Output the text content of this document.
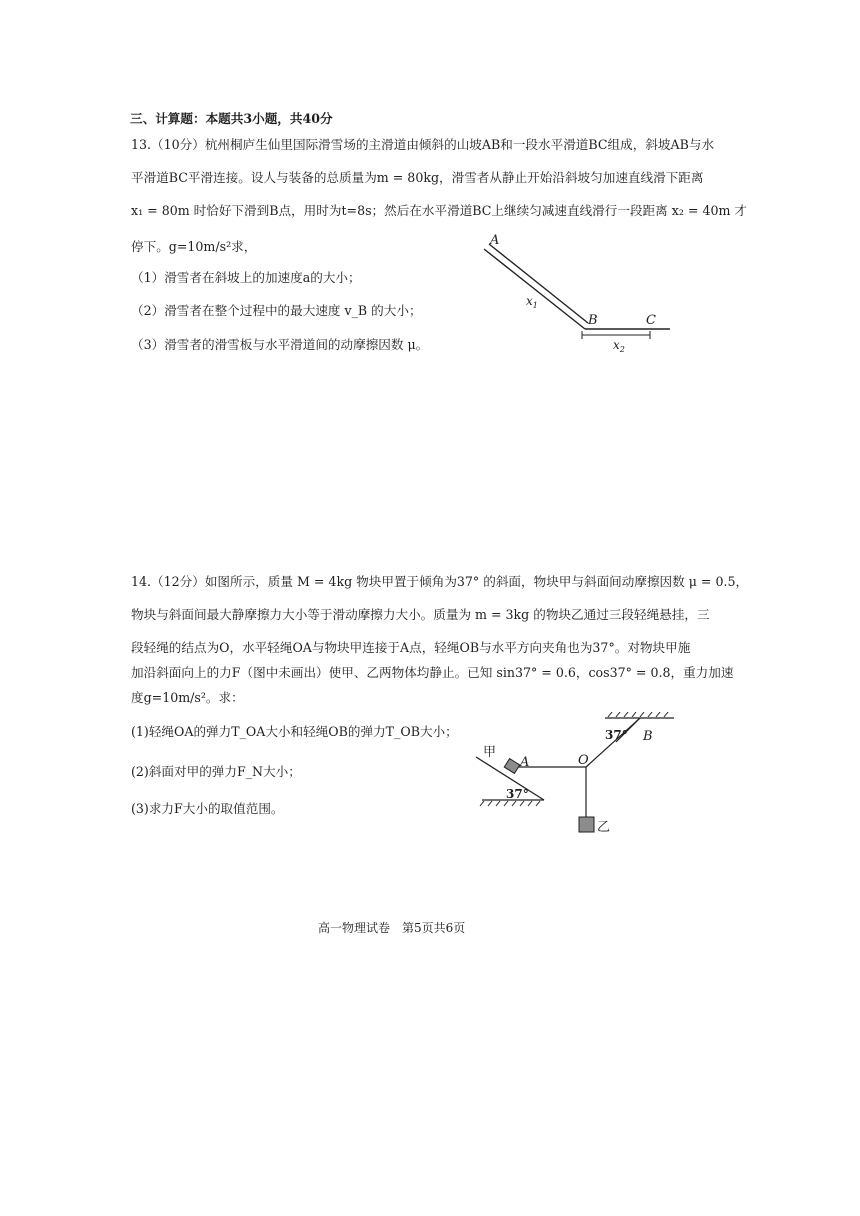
三、计算题：本题共3小题，共40分
13.（10分）杭州桐庐生仙里国际滑雪场的主滑道由倾斜的山坡AB和一段水平滑道BC组成，斜坡AB与水
平滑道BC平滑连接。设人与装备的总质量为m = 80kg，滑雪者从静止开始沿斜坡匀加速直线滑下距离
x₁ = 80m 时恰好下滑到B点，用时为t=8s；然后在水平滑道BC上继续匀减速直线滑行一段距离 x₂ = 40m 才
停下。g=10m/s²求，
（1）滑雪者在斜坡上的加速度a的大小；
（2）滑雪者在整个过程中的最大速度 v_B 的大小；
（3）滑雪者的滑雪板与水平滑道间的动摩擦因数 μ。
A
B	C
$x_1$
$x_2$
14.（12分）如图所示，质量 M = 4kg 物块甲置于倾角为37° 的斜面，物块甲与斜面间动摩擦因数 μ = 0.5，
物块与斜面间最大静摩擦力大小等于滑动摩擦力大小。质量为 m = 3kg 的物块乙通过三段轻绳悬挂，三
段轻绳的结点为O，水平轻绳OA与物块甲连接于A点，轻绳OB与水平方向夹角也为37°。对物块甲施
加沿斜面向上的力F（图中未画出）使甲、乙两物体均静止。已知 sin37° = 0.6，cos37° = 0.8，重力加速
度g=10m/s²。求：
(1)轻绳OA的弹力T_OA大小和轻绳OB的弹力T_OB大小；
(2)斜面对甲的弹力F_N大小；
(3)求力F大小的取值范围。
甲
A	O
B
乙
37°
37°
高一物理试卷　第5页共6页
